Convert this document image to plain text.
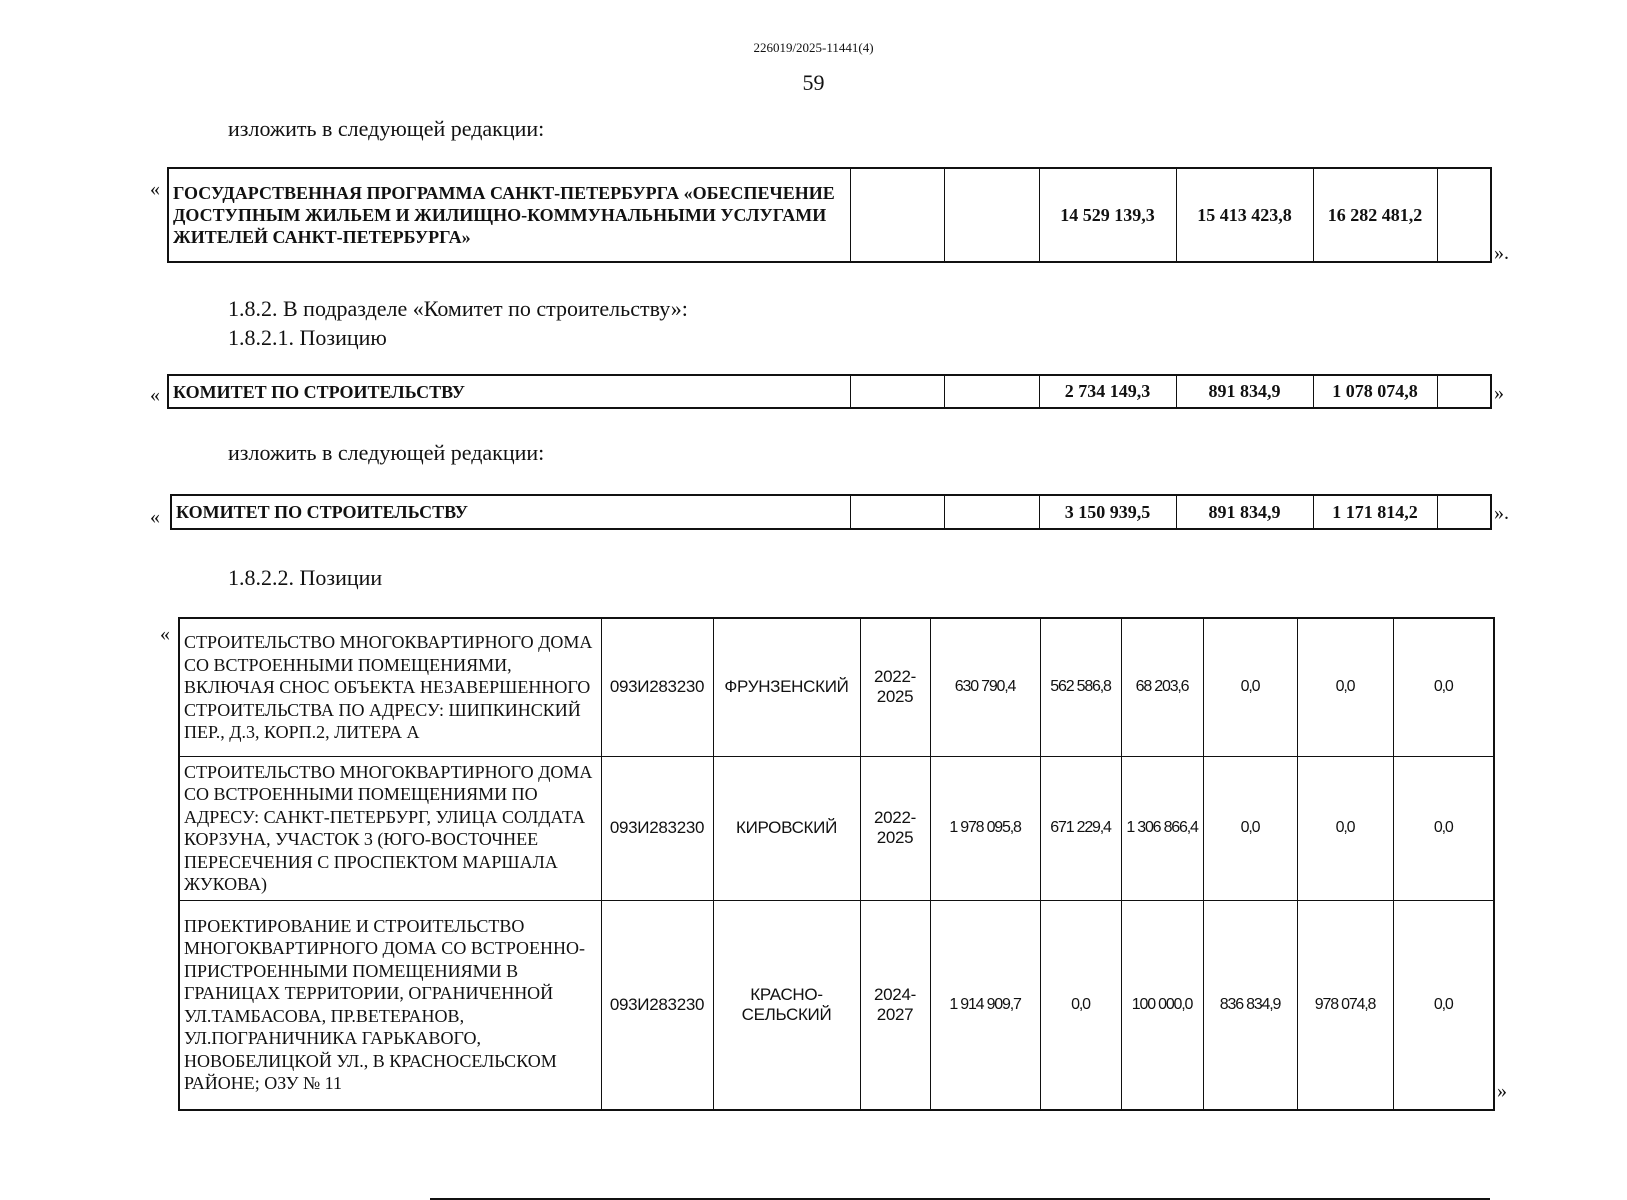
226019/2025-11441(4)
59
изложить в следующей редакции:
« ГОСУДАРСТВЕННАЯ ПРОГРАММА САНКТ-ПЕТЕРБУРГА «ОБЕСПЕЧЕНИЕ ДОСТУПНЫМ ЖИЛЬЕМ И ЖИЛИЩНО-КОММУНАЛЬНЫМИ УСЛУГАМИ ЖИТЕЛЕЙ САНКТ-ПЕТЕРБУРГА»			14 529 139,3	15 413 423,8	16 282 481,2	
».
1.8.2. В подразделе «Комитет по строительству»:
1.8.2.1. Позицию
« КОМИТЕТ ПО СТРОИТЕЛЬСТВУ			2 734 149,3	891 834,9	1 078 074,8		»
изложить в следующей редакции:
« КОМИТЕТ ПО СТРОИТЕЛЬСТВУ			3 150 939,5	891 834,9	1 171 814,2		».
1.8.2.2. Позиции
« СТРОИТЕЛЬСТВО МНОГОКВАРТИРНОГО ДОМА СО ВСТРОЕННЫМИ ПОМЕЩЕНИЯМИ, ВКЛЮЧАЯ СНОС ОБЪЕКТА НЕЗАВЕРШЕННОГО СТРОИТЕЛЬСТВА ПО АДРЕСУ: ШИПКИНСКИЙ ПЕР., Д.3, КОРП.2, ЛИТЕРА А	093И283230	ФРУНЗЕНСКИЙ	2022-2025	630 790,4	562 586,8	68 203,6	0,0	0,0	0,0
СТРОИТЕЛЬСТВО МНОГОКВАРТИРНОГО ДОМА СО ВСТРОЕННЫМИ ПОМЕЩЕНИЯМИ ПО АДРЕСУ: САНКТ-ПЕТЕРБУРГ, УЛИЦА СОЛДАТА КОРЗУНА, УЧАСТОК 3 (ЮГО-ВОСТОЧНЕЕ ПЕРЕСЕЧЕНИЯ С ПРОСПЕКТОМ МАРШАЛА ЖУКОВА)	093И283230	КИРОВСКИЙ	2022-2025	1 978 095,8	671 229,4	1 306 866,4	0,0	0,0	0,0
ПРОЕКТИРОВАНИЕ И СТРОИТЕЛЬСТВО МНОГОКВАРТИРНОГО ДОМА СО ВСТРОЕННО-ПРИСТРОЕННЫМИ ПОМЕЩЕНИЯМИ В ГРАНИЦАХ ТЕРРИТОРИИ, ОГРАНИЧЕННОЙ УЛ.ТАМБАСОВА, ПР.ВЕТЕРАНОВ, УЛ.ПОГРАНИЧНИКА ГАРЬКАВОГО, НОВОБЕЛИЦКОЙ УЛ., В КРАСНОСЕЛЬСКОМ РАЙОНЕ; ОЗУ № 11	093И283230	КРАСНО-СЕЛЬСКИЙ	2024-2027	1 914 909,7	0,0	100 000,0	836 834,9	978 074,8	0,0
»
